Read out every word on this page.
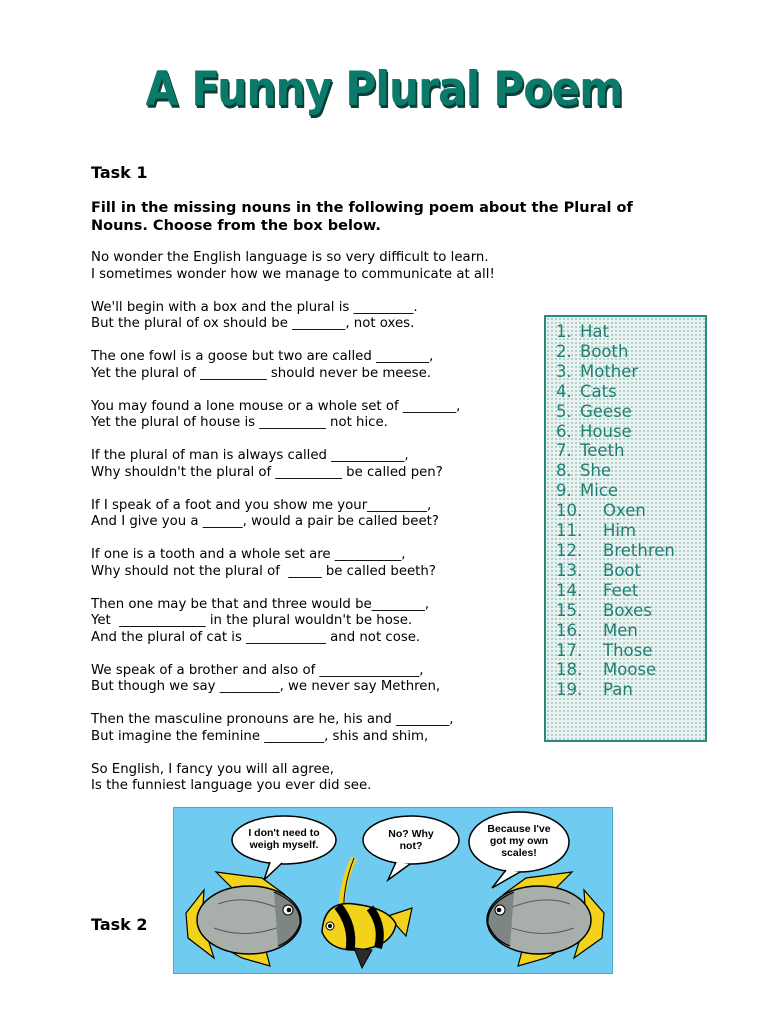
A Funny Plural Poem
Task 1
Fill in the missing nouns in the following poem about the Plural of Nouns. Choose from the box below.
No wonder the English language is so very difficult to learn.
I sometimes wonder how we manage to communicate at all!
We'll begin with a box and the plural is _________.
But the plural of ox should be ________, not oxes.
The one fowl is a goose but two are called ________,
Yet the plural of __________ should never be meese.
You may found a lone mouse or a whole set of ________,
Yet the plural of house is __________ not hice.
If the plural of man is always called ___________,
Why shouldn't the plural of __________ be called pen?
If I speak of a foot and you show me your_________,
And I give you a ______, would a pair be called beet?
If one is a tooth and a whole set are __________,
Why should not the plural of  _____ be called beeth?
Then one may be that and three would be________,
Yet  _____________ in the plural wouldn't be hose.
And the plural of cat is ____________ and not cose.
We speak of a brother and also of _______________,
But though we say _________, we never say Methren,
Then the masculine pronouns are he, his and ________,
But imagine the feminine _________, shis and shim,
So English, I fancy you will all agree,
Is the funniest language you ever did see.
1. Hat
2. Booth
3. Mother
4. Cats
5. Geese
6. House
7. Teeth
8. She
9. Mice
10. Oxen
11. Him
12. Brethren
13. Boot
14. Feet
15. Boxes
16. Men
17. Those
18. Moose
19. Pan
Task 2
I don't need to
weigh myself.
No? Why
not?
Because I've
got my own
scales!
